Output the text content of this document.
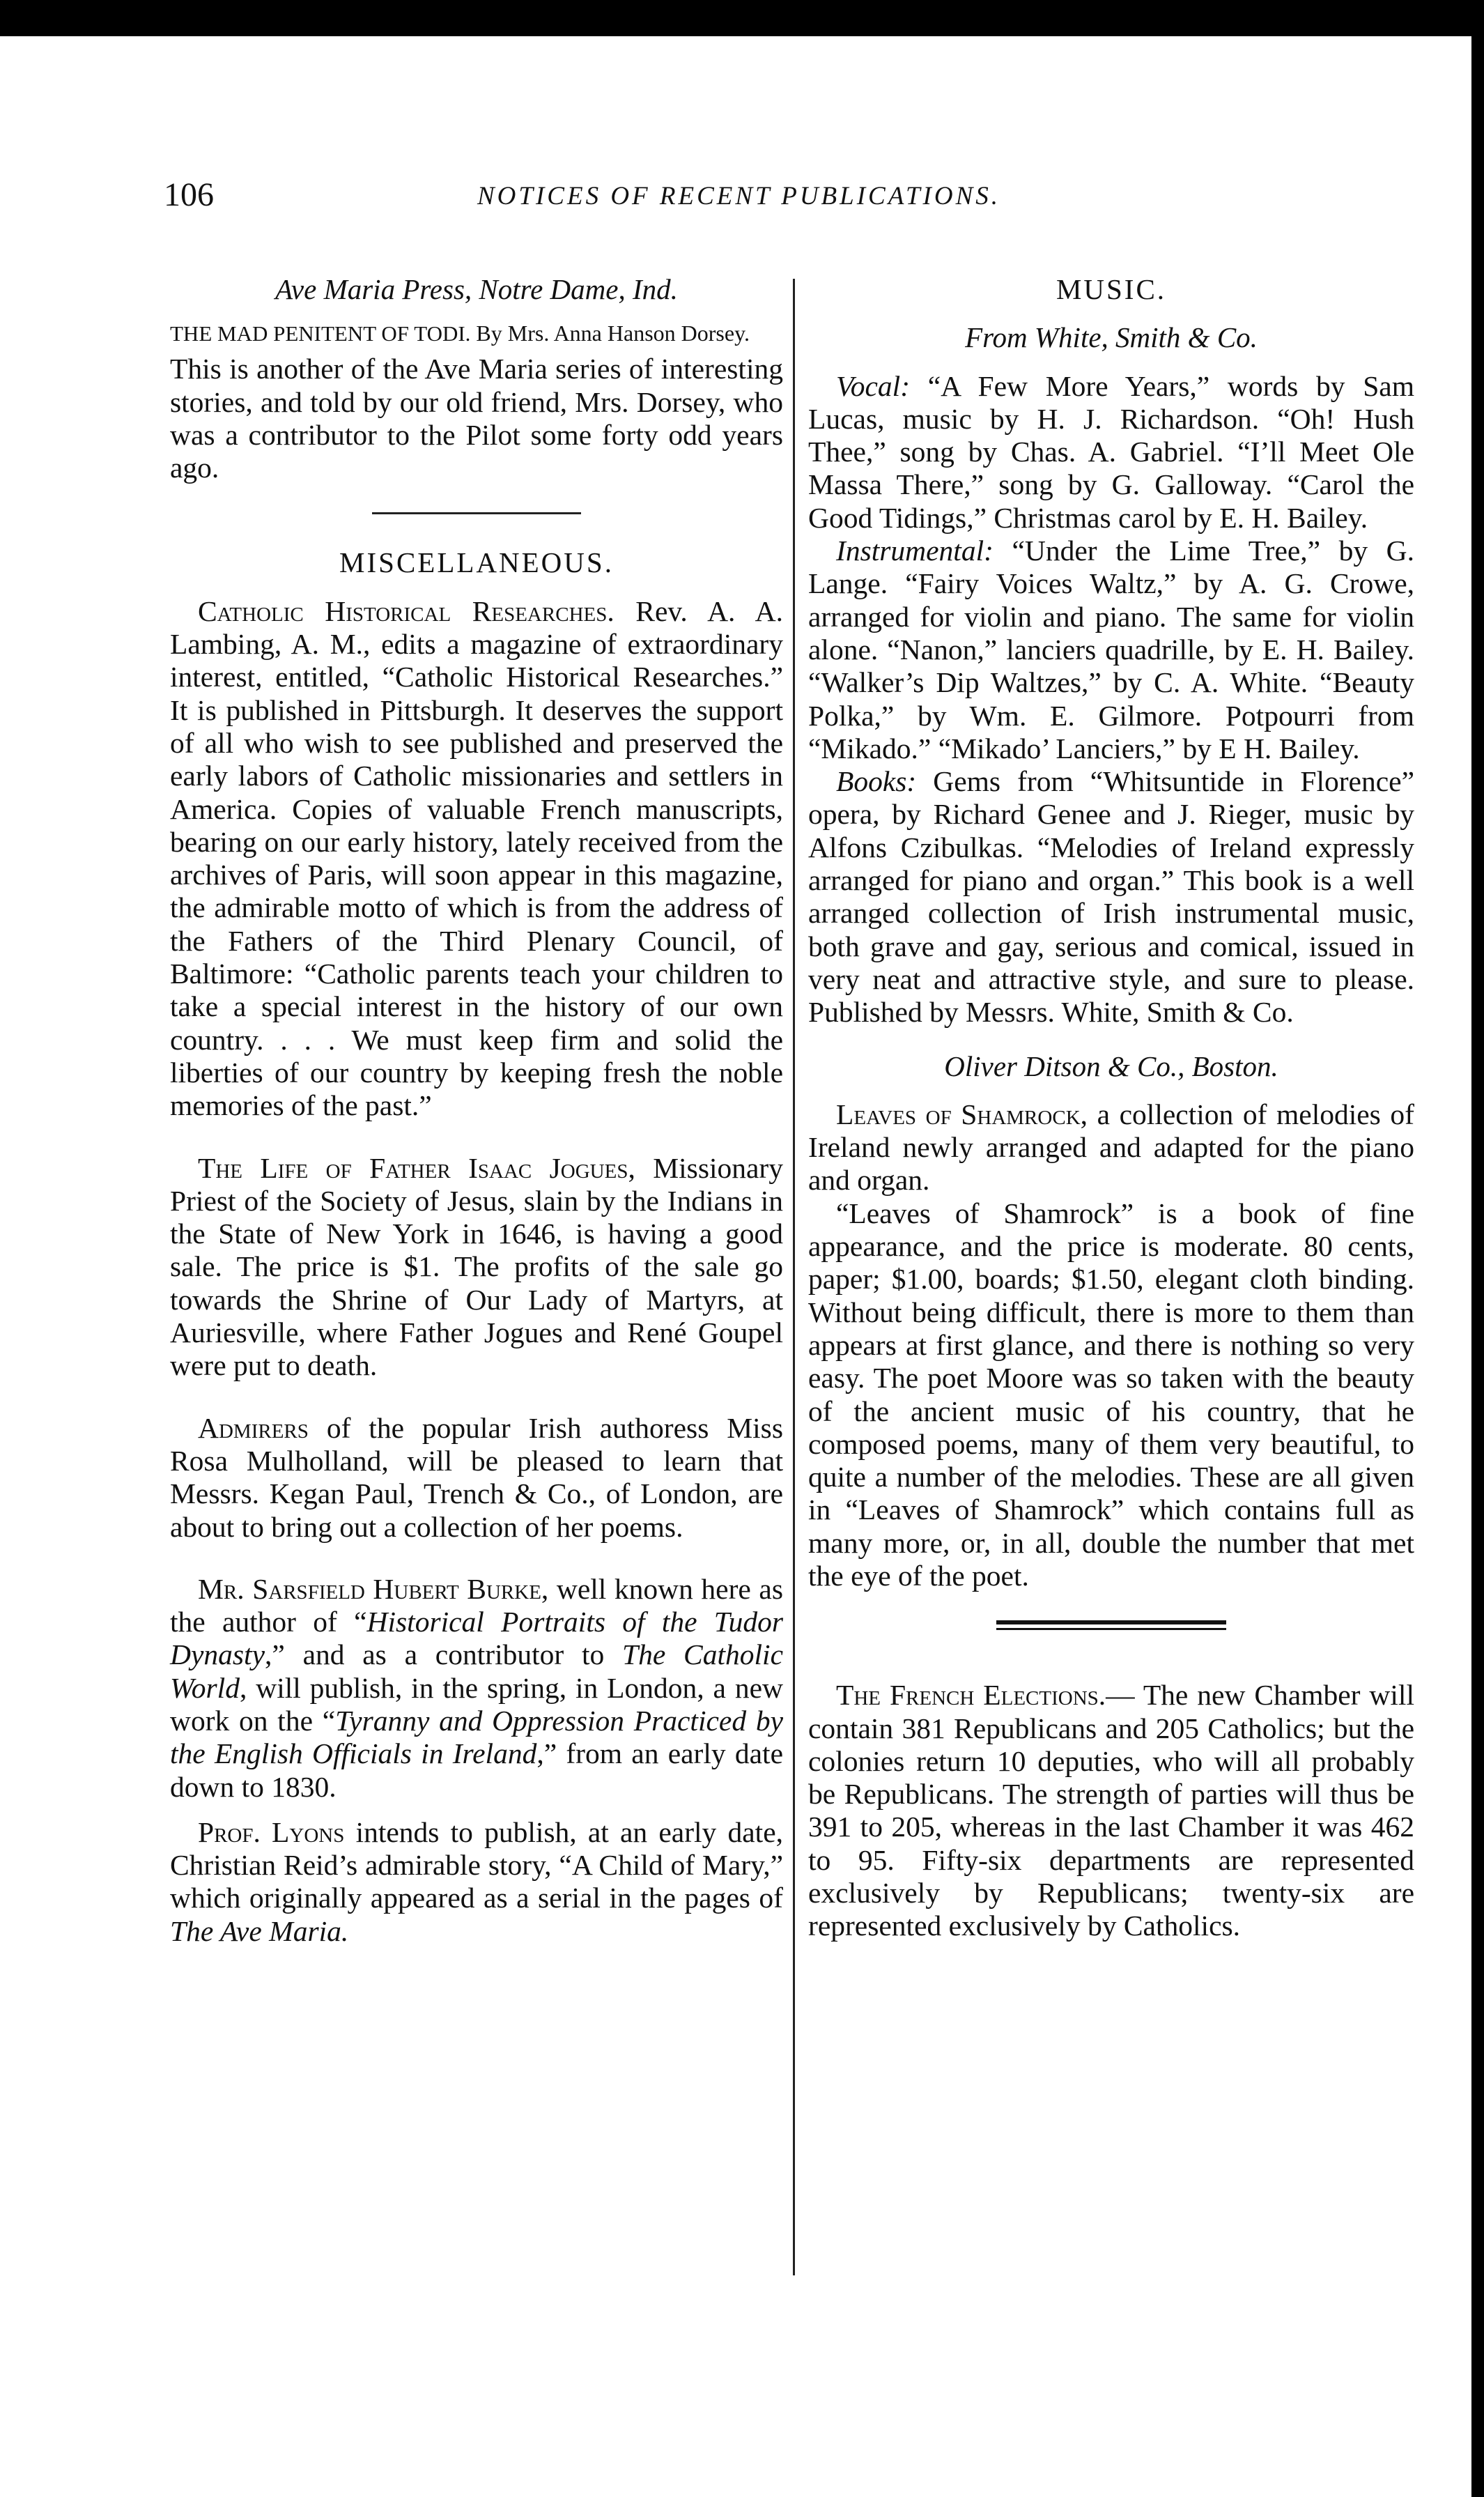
106	NOTICES OF RECENT PUBLICATIONS.
Ave Maria Press, Notre Dame, Ind.

THE MAD PENITENT OF TODI. By Mrs. Anna Hanson Dorsey.

This is another of the Ave Maria series of interesting stories, and told by our old friend, Mrs. Dorsey, who was a contributor to the Pilot some forty odd years ago.

MISCELLANEOUS.

Catholic Historical Researches. Rev. A. A. Lambing, A. M., edits a magazine of extraordinary interest, entitled, “Catholic Historical Researches.” It is published in Pittsburgh. It deserves the support of all who wish to see published and preserved the early labors of Catholic missionaries and settlers in America. Copies of valuable French manuscripts, bearing on our early history, lately received from the archives of Paris, will soon appear in this magazine, the admirable motto of which is from the address of the Fathers of the Third Plenary Council, of Baltimore: “Catholic parents teach your children to take a special interest in the history of our own country. . . . We must keep firm and solid the liberties of our country by keeping fresh the noble memories of the past.”

The Life of Father Isaac Jogues, Missionary Priest of the Society of Jesus, slain by the Indians in the State of New York in 1646, is having a good sale. The price is $1. The profits of the sale go towards the Shrine of Our Lady of Martyrs, at Auriesville, where Father Jogues and René Goupel were put to death.

Admirers of the popular Irish authoress Miss Rosa Mulholland, will be pleased to learn that Messrs. Kegan Paul, Trench & Co., of London, are about to bring out a collection of her poems.

Mr. Sarsfield Hubert Burke, well known here as the author of “Historical Portraits of the Tudor Dynasty,” and as a contributor to The Catholic World, will publish, in the spring, in London, a new work on the “Tyranny and Oppression Practiced by the English Officials in Ireland,” from an early date down to 1830.

Prof. Lyons intends to publish, at an early date, Christian Reid’s admirable story, “A Child of Mary,” which originally appeared as a serial in the pages of The Ave Maria.

MUSIC.
From White, Smith & Co.

Vocal: “A Few More Years,” words by Sam Lucas, music by H. J. Richardson. “Oh! Hush Thee,” song by Chas. A. Gabriel. “I’ll Meet Ole Massa There,” song by G. Galloway. “Carol the Good Tidings,” Christmas carol by E. H. Bailey.

Instrumental: “Under the Lime Tree,” by G. Lange. “Fairy Voices Waltz,” by A. G. Crowe, arranged for violin and piano. The same for violin alone. “Nanon,” lanciers quadrille, by E. H. Bailey. “Walker’s Dip Waltzes,” by C. A. White. “Beauty Polka,” by Wm. E. Gilmore. Potpourri from “Mikado.” “Mikado’ Lanciers,” by E H. Bailey.

Books: Gems from “Whitsuntide in Florence” opera, by Richard Genee and J. Rieger, music by Alfons Czibulkas. “Melodies of Ireland expressly arranged for piano and organ.” This book is a well arranged collection of Irish instrumental music, both grave and gay, serious and comical, issued in very neat and attractive style, and sure to please. Published by Messrs. White, Smith & Co.

Oliver Ditson & Co., Boston.

Leaves of Shamrock, a collection of melodies of Ireland newly arranged and adapted for the piano and organ.

“Leaves of Shamrock” is a book of fine appearance, and the price is moderate. 80 cents, paper; $1.00, boards; $1.50, elegant cloth binding. Without being difficult, there is more to them than appears at first glance, and there is nothing so very easy. The poet Moore was so taken with the beauty of the ancient music of his country, that he composed poems, many of them very beautiful, to quite a number of the melodies. These are all given in “Leaves of Shamrock” which contains full as many more, or, in all, double the number that met the eye of the poet.

The French Elections.— The new Chamber will contain 381 Republicans and 205 Catholics; but the colonies return 10 deputies, who will all probably be Republicans. The strength of parties will thus be 391 to 205, whereas in the last Chamber it was 462 to 95. Fifty-six departments are represented exclusively by Republicans; twenty-six are represented exclusively by Catholics.
